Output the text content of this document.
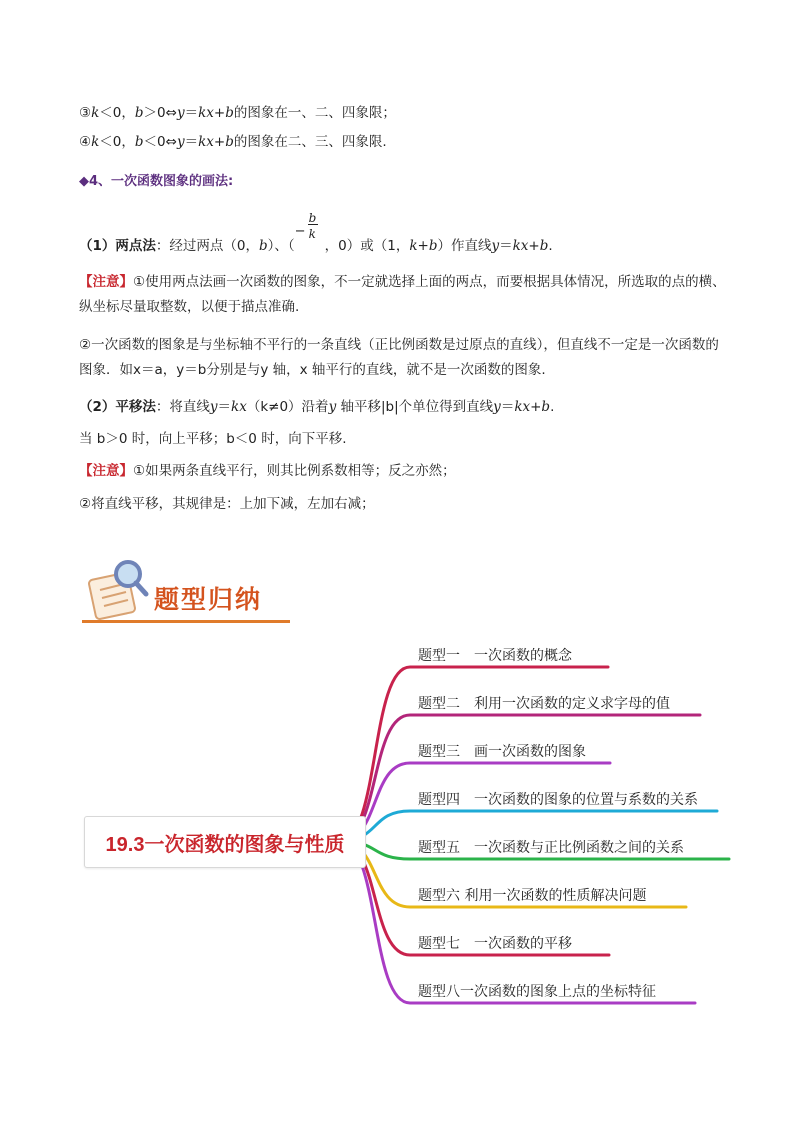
③k＜0，b＞0⇔y＝kx+b的图象在一、二、四象限；
④k＜0，b＜0⇔y＝kx+b的图象在二、三、四象限.
◆4、一次函数图象的画法:
（1）两点法：经过两点（0，b）、（
−
b
k
，0）或（1，k+b）作直线y＝kx+b.
【注意】①使用两点法画一次函数的图象，不一定就选择上面的两点，而要根据具体情况，所选取的点的横、纵坐标尽量取整数，以便于描点准确.
②一次函数的图象是与坐标轴不平行的一条直线（正比例函数是过原点的直线），但直线不一定是一次函数的图象．如x＝a，y＝b分别是与y 轴，x 轴平行的直线，就不是一次函数的图象.
（2）平移法：将直线y＝kx（k≠0）沿着y 轴平移|b|个单位得到直线y＝kx+b.
当 b＞0 时，向上平移；b＜0 时，向下平移.
【注意】①如果两条直线平行，则其比例系数相等；反之亦然；
②将直线平移，其规律是：上加下减，左加右减；
题型归纳
19.3一次函数的图象与性质
题型一　一次函数的概念
题型二　利用一次函数的定义求字母的值
题型三　画一次函数的图象
题型四　一次函数的图象的位置与系数的关系
题型五　一次函数与正比例函数之间的关系
题型六 利用一次函数的性质解决问题
题型七　一次函数的平移
题型八一次函数的图象上点的坐标特征
